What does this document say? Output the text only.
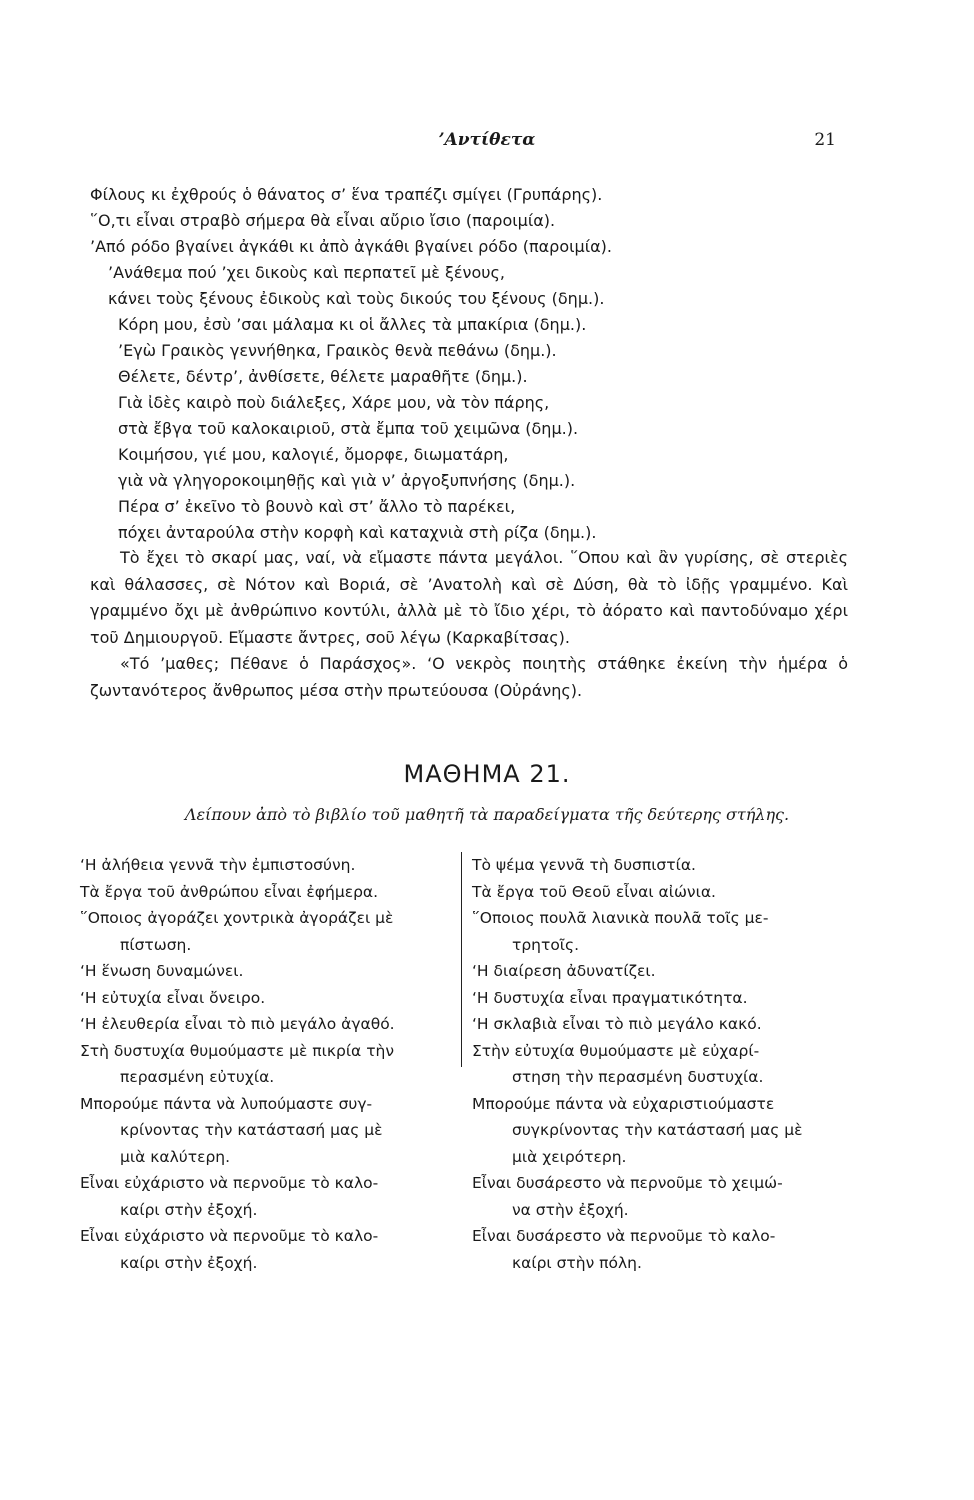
’Αντίθετα	21
Φίλους κι ἐχθρούς ὁ θάνατος σ’ ἕνα τραπέζι σμίγει (Γρυπάρης).
῞Ο,τι εἶναι στραβὸ σήμερα θὰ εἶναι αὔριο ἴσιο (παροιμία).
’Από ρόδο βγαίνει ἀγκάθι κι ἀπὸ ἀγκάθι βγαίνει ρόδο (παροιμία).
’Ανάθεμα πού ’χει δικοὺς καὶ περπατεῖ μὲ ξένους,
κάνει τοὺς ξένους ἐδικοὺς καὶ τοὺς δικούς του ξένους (δημ.).
Κόρη μου, ἐσὺ ’σαι μάλαμα κι οἱ ἄλλες τὰ μπακίρια (δημ.).
’Εγὼ Γραικὸς γεννήθηκα, Γραικὸς θενὰ πεθάνω (δημ.).
Θέλετε, δέντρ’, ἀνθίσετε, θέλετε μαραθῆτε (δημ.).
Γιὰ ἰδὲς καιρὸ ποὺ διάλεξες, Χάρε μου, νὰ τὸν πάρης,
στὰ ἔβγα τοῦ καλοκαιριοῦ, στὰ ἔμπα τοῦ χειμῶνα (δημ.).
Κοιμήσου, γιέ μου, καλογιέ, ὄμορφε, διωματάρη,
γιὰ νὰ γληγοροκοιμηθῇς καὶ γιὰ ν’ ἀργοξυπνήσης (δημ.).
Πέρα σ’ ἐκεῖνο τὸ βουνὸ καὶ στ’ ἄλλο τὸ παρέκει,
πόχει ἀνταρούλα στὴν κορφὴ καὶ καταχνιὰ στὴ ρίζα (δημ.).

Τὸ ἔχει τὸ σκαρί μας, ναί, νὰ εἴμαστε πάντα μεγάλοι. ῞Οπου καὶ ἂν γυρίσης, σὲ στεριὲς καὶ θάλασσες, σὲ Νότον καὶ Βοριά, σὲ ’Ανατολὴ καὶ σὲ Δύση, θὰ τὸ ἰδῇς γραμμένο. Καὶ γραμμένο ὄχι μὲ ἀνθρώπινο κοντύλι, ἀλλὰ μὲ τὸ ἴδιο χέρι, τὸ ἀόρατο καὶ παντοδύναμο χέρι τοῦ Δημιουργοῦ. Εἴμαστε ἄντρες, σοῦ λέγω (Καρκαβίτσας).

«Τό ’μαθες; Πέθανε ὁ Παράσχος». ‘Ο νεκρὸς ποιητὴς στάθηκε ἐκείνη τὴν ἡμέρα ὁ ζωντανότερος ἄνθρωπος μέσα στὴν πρωτεύουσα (Οὐράνης).

ΜΑΘΗΜΑ 21.
Λείπουν ἀπὸ τὸ βιβλίο τοῦ μαθητῆ τὰ παραδείγματα τῆς δεύτερης στήλης.
‘Η ἀλήθεια γεννᾶ τὴν ἐμπιστοσύνη.
Τὰ ἔργα τοῦ ἀνθρώπου εἶναι ἐφήμερα.
῞Οποιος ἀγοράζει χοντρικὰ ἀγοράζει μὲ
πίστωση.
‘Η ἕνωση δυναμώνει.
‘Η εὐτυχία εἶναι ὄνειρο.
‘Η ἐλευθερία εἶναι τὸ πιὸ μεγάλο ἀγαθό.
Στὴ δυστυχία θυμούμαστε μὲ πικρία τὴν
περασμένη εὐτυχία.
Μπορούμε πάντα νὰ λυπούμαστε συγ-
κρίνοντας τὴν κατάστασή μας μὲ
μιὰ καλύτερη.
Εἶναι εὐχάριστο νὰ περνοῦμε τὸ καλο-
καίρι στὴν ἐξοχή.
Εἶναι εὐχάριστο νὰ περνοῦμε τὸ καλο-
καίρι στὴν ἐξοχή.
Τὸ ψέμα γεννᾶ τὴ δυσπιστία.
Τὰ ἔργα τοῦ Θεοῦ εἶναι αἰώνια.
῞Οποιος πουλᾶ λιανικὰ πουλᾶ τοῖς με-
τρητοῖς.
‘Η διαίρεση ἀδυνατίζει.
‘Η δυστυχία εἶναι πραγματικότητα.
‘Η σκλαβιὰ εἶναι τὸ πιὸ μεγάλο κακό.
Στὴν εὐτυχία θυμούμαστε μὲ εὐχαρί-
στηση τὴν περασμένη δυστυχία.
Μπορούμε πάντα νὰ εὐχαριστιούμαστε
συγκρίνοντας τὴν κατάστασή μας μὲ
μιὰ χειρότερη.
Εἶναι δυσάρεστο νὰ περνοῦμε τὸ χειμώ-
να στὴν ἐξοχή.
Εἶναι δυσάρεστο νὰ περνοῦμε τὸ καλο-
καίρι στὴν πόλη.
